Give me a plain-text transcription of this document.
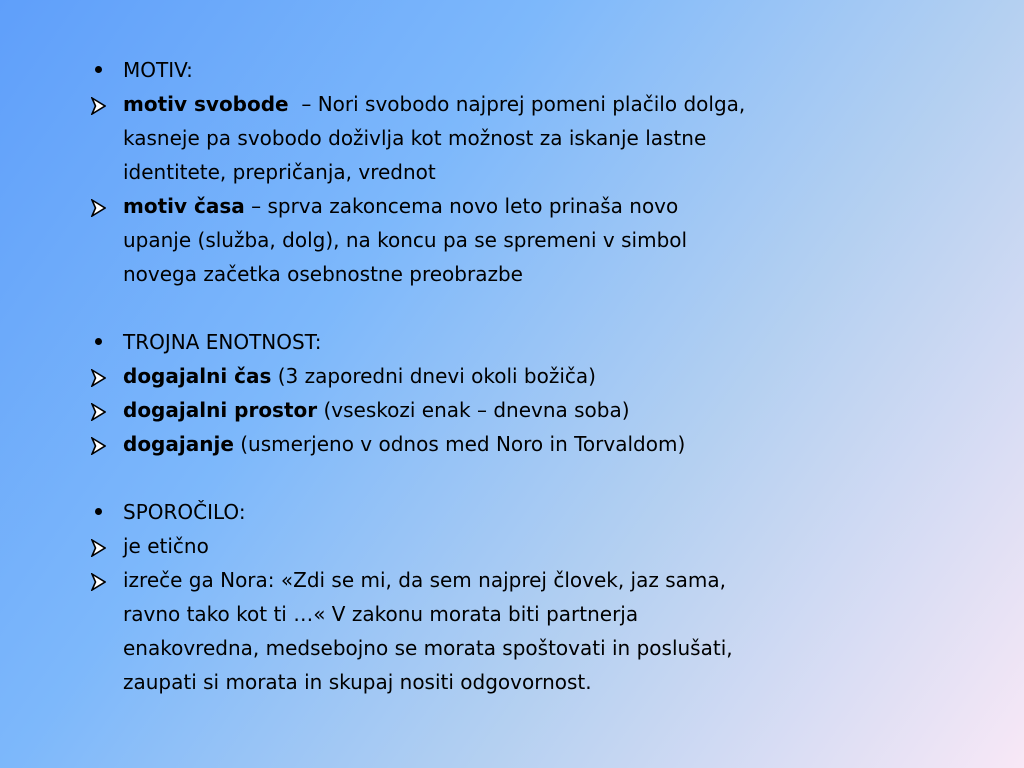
MOTIV:
motiv svobode  – Nori svobodo najprej pomeni plačilo dolga,
kasneje pa svobodo doživlja kot možnost za iskanje lastne
identitete, prepričanja, vrednot
motiv časa – sprva zakoncema novo leto prinaša novo
upanje (služba, dolg), na koncu pa se spremeni v simbol
novega začetka osebnostne preobrazbe
TROJNA ENOTNOST:
dogajalni čas (3 zaporedni dnevi okoli božiča)
dogajalni prostor (vseskozi enak – dnevna soba)
dogajanje (usmerjeno v odnos med Noro in Torvaldom)
SPOROČILO:
je etično
izreče ga Nora: «Zdi se mi, da sem najprej človek, jaz sama,
ravno tako kot ti …« V zakonu morata biti partnerja
enakovredna, medsebojno se morata spoštovati in poslušati,
zaupati si morata in skupaj nositi odgovornost.
